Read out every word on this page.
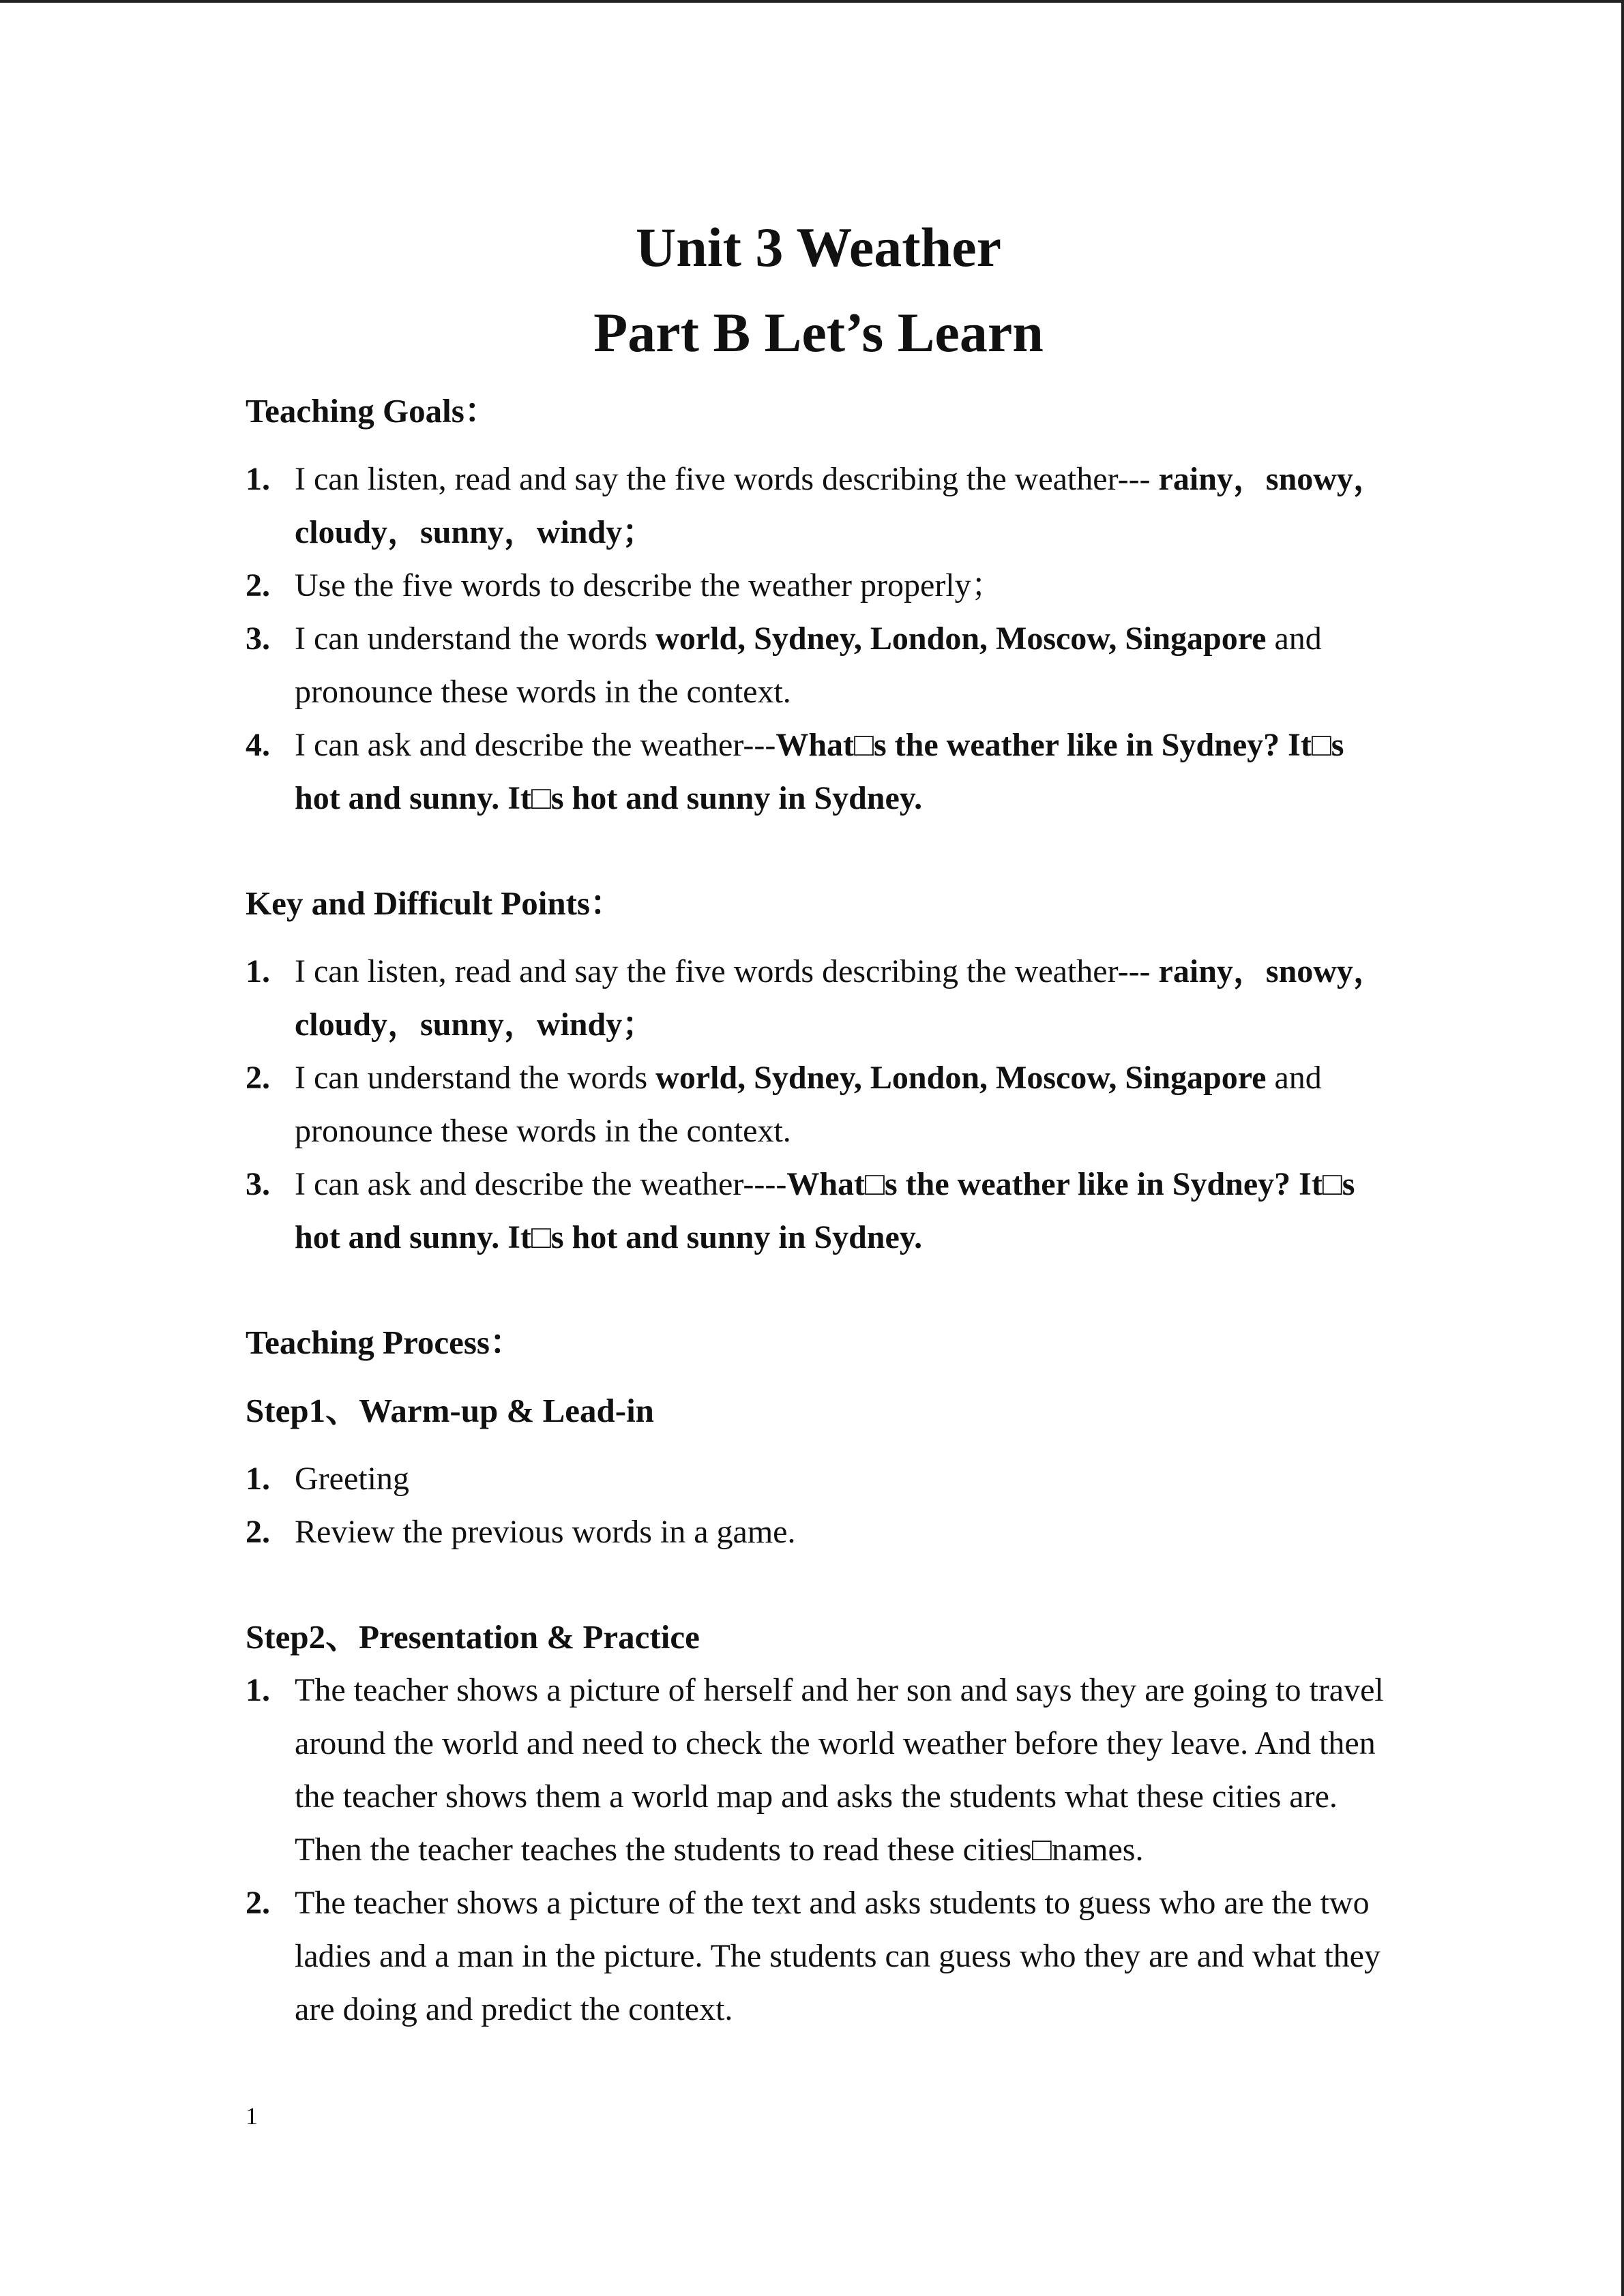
Unit 3 Weather
Part B Let’s Learn
Teaching Goals：
1. I can listen, read and say the five words describing the weather--- rainy，snowy，cloudy，sunny，windy；
2. Use the five words to describe the weather properly；
3. I can understand the words world, Sydney, London, Moscow, Singapore and pronounce these words in the context.
4. I can ask and describe the weather---What□s the weather like in Sydney? It□s hot and sunny. It□s hot and sunny in Sydney.
Key and Difficult Points：
1. I can listen, read and say the five words describing the weather--- rainy，snowy，cloudy，sunny，windy；
2. I can understand the words world, Sydney, London, Moscow, Singapore and pronounce these words in the context.
3. I can ask and describe the weather----What□s the weather like in Sydney? It□s hot and sunny. It□s hot and sunny in Sydney.
Teaching Process：
Step1、Warm-up & Lead-in
1. Greeting
2. Review the previous words in a game.
Step2、Presentation & Practice
1. The teacher shows a picture of herself and her son and says they are going to travel around the world and need to check the world weather before they leave. And then the teacher shows them a world map and asks the students what these cities are. Then the teacher teaches the students to read these cities□names.
2. The teacher shows a picture of the text and asks students to guess who are the two ladies and a man in the picture. The students can guess who they are and what they are doing and predict the context.
1
